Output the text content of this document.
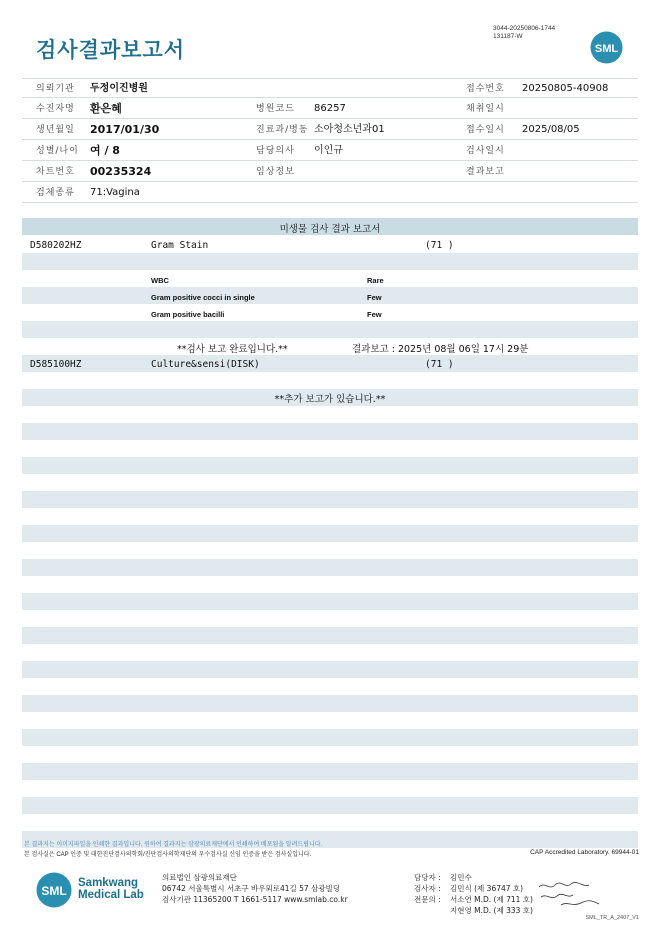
검사결과보고서
3044-20250806-1744
131187-W
SML
의뢰기관 두정이진병원	접수번호 20250805-40908
수진자명 환은혜	병원코드 86257	채취일시
생년월일 2017/01/30	진료과/병동 소아청소년과01	접수일시 2025/08/05
성별/나이 여 / 8	담당의사 이인규	검사일시
차트번호 00235324	임상정보	결과보고
검체종류 71:Vagina
미생물 검사 결과 보고서
D580202HZ	Gram Stain	(71 )
WBC	Rare
Gram positive cocci in single	Few
Gram positive bacilli	Few
**검사 보고 완료입니다.**	결과보고 : 2025년 08월 06일 17시 29분
D585100HZ	Culture&sensi(DISK)	(71 )
**추가 보고가 있습니다.**
본 결과지는 이미지파일을 인쇄한 결과입니다. 원하여 결과지는 삼광의료재단에서 인쇄하여 배포됨을 알려드립니다.
본 검사실은 CAP 인증 및 대한진단검사의학회/진단검사의학재단의 우수검사실 신임 인증을 받은 검사실입니다.	CAP Accredited Laboratory. 69944-01
SML
Samkwang
Medical Lab
의료법인 삼광의료재단
06742 서울특별시 서초구 바우뫼로41길 57 삼광빌딩
검사기관 11365200 T 1661-5117 www.smlab.co.kr
담당자 : 김민수
검사자 : 김민식 (제 36747 호)
전문의 : 서소연 M.D. (제 711 호)
지현영 M.D. (제 333 호)
SML_TR_A_2407_V1
